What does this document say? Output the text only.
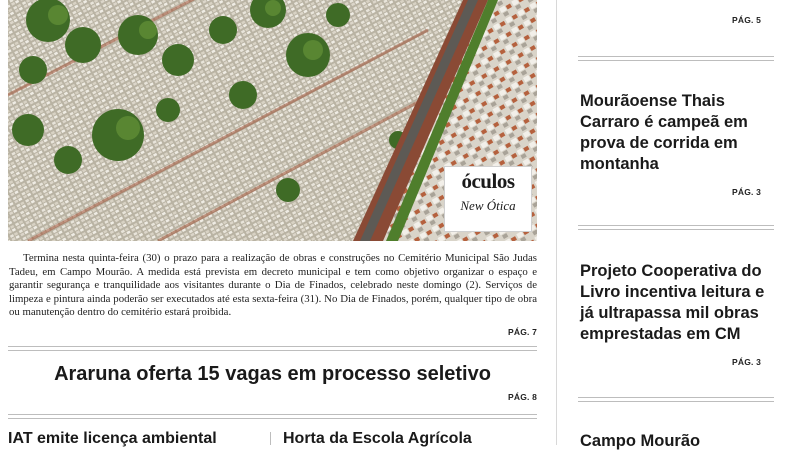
óculos
New Ótica
Termina nesta quinta-feira (30) o prazo para a realização de obras e construções no Cemitério Municipal São Judas Tadeu, em Campo Mourão. A medida está prevista em decreto municipal e tem como objetivo organizar o espaço e garantir segurança e tranquilidade aos visitantes durante o Dia de Finados, celebrado neste domingo (2). Serviços de limpeza e pintura ainda poderão ser executados até esta sexta-feira (31). No Dia de Finados, porém, qualquer tipo de obra ou manutenção dentro do cemitério estará proibida.
PÁG. 7
Araruna oferta 15 vagas em processo seletivo
PÁG. 8
IAT emite licença ambiental	Horta da Escola Agrícola
PÁG. 5
Mourãoense Thais Carraro é campeã em prova de corrida em montanha
PÁG. 3
Projeto Cooperativa do Livro incentiva leitura e já ultrapassa mil obras emprestadas em CM
PÁG. 3
Campo Mourão
